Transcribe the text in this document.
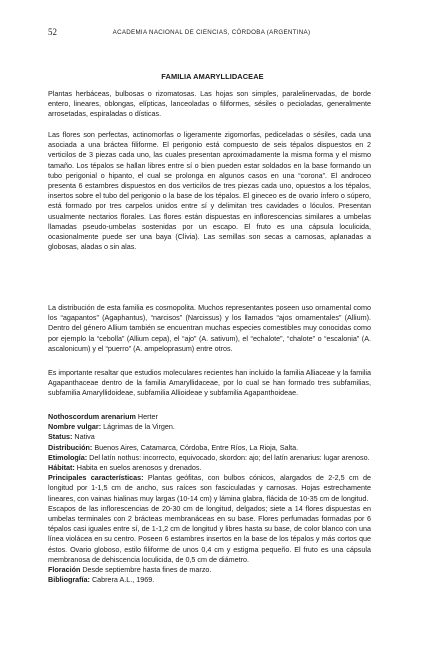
52	ACADEMIA NACIONAL DE CIENCIAS, CÓRDOBA (ARGENTINA)
FAMILIA AMARYLLIDACEAE

Plantas herbáceas, bulbosas o rizomatosas. Las hojas son simples, paralelinervadas, de borde entero, lineares, oblongas, elípticas, lanceoladas o filiformes, sésiles o pecioladas, generalmente arrosetadas, espiraladas o dísticas.

Las flores son perfectas, actinomorfas o ligeramente zigomorfas, pediceladas o sésiles, cada una asociada a una bráctea filiforme. El perigonio está compuesto de seis tépalos dispuestos en 2 verticilos de 3 piezas cada uno, las cuales presentan aproximadamente la misma forma y el mismo tamaño. Los tépalos se hallan libres entre sí o bien pueden estar soldados en la base formando un tubo perigonial o hipanto, el cual se prolonga en algunos casos en una “corona”. El androceo presenta 6 estambres dispuestos en dos verticilos de tres piezas cada uno, opuestos a los tépalos, insertos sobre el tubo del perigonio o la base de los tépalos. El gineceo es de ovario ínfero o súpero, está formado por tres carpelos unidos entre sí y delimitan tres cavidades o lóculos. Presentan usualmente nectarios florales. Las flores están dispuestas en inflorescencias similares a umbelas llamadas pseudo-umbelas sostenidas por un escapo. El fruto es una cápsula loculicida, ocasionalmente puede ser una baya (Clivia). Las semillas son secas a carnosas, aplanadas a globosas, aladas o sin alas.

La distribución de esta familia es cosmopolita. Muchos representantes poseen uso ornamental como los “agapantos” (Agaphantus), “narcisos” (Narcissus) y los llamados “ajos ornamentales” (Allium). Dentro del género Allium también se encuentran muchas especies comestibles muy conocidas como por ejemplo la “cebolla” (Allium cepa), el “ajo” (A. sativum), el “echalote”, “chalote” o “escalonia” (A. ascalonicum) y el “puerro” (A. ampeloprasum) entre otros.

Es importante resaltar que estudios moleculares recientes han incluido la familia Alliaceae y la familia Agapanthaceae dentro de la familia Amaryllidaceae, por lo cual se han formado tres subfamilias, subfamilia Amaryllidoideae, subfamilia Allioideae y subfamilia Agapanthoideae.

Nothoscordum arenarium Herter
Nombre vulgar: Lágrimas de la Virgen.
Status: Nativa
Distribución: Buenos Aires, Catamarca, Córdoba, Entre Ríos, La Rioja, Salta.
Etimología: Del latín nothus: incorrecto, equivocado, skordon: ajo; del latín arenarius: lugar arenoso.
Hábitat: Habita en suelos arenosos y drenados.
Principales características: Plantas geófitas, con bulbos cónicos, alargados de 2-2,5 cm de longitud por 1-1,5 cm de ancho, sus raíces son fasciculadas y carnosas. Hojas estrechamente lineares, con vainas hialinas muy largas (10-14 cm) y lámina glabra, flácida de 10-35 cm de longitud.
Escapos de las inflorescencias de 20-30 cm de longitud, delgados; siete a 14 flores dispuestas en umbelas terminales con 2 brácteas membranáceas en su base. Flores perfumadas formadas por 6 tépalos casi iguales entre sí, de 1-1,2 cm de longitud y libres hasta su base, de color blanco con una línea violácea en su centro. Poseen 6 estambres insertos en la base de los tépalos y más cortos que éstos. Ovario globoso, estilo filiforme de unos 0,4 cm y estigma pequeño. El fruto es una cápsula membranosa de dehiscencia loculicida, de 0,5 cm de diámetro.
Floración Desde septiembre hasta fines de marzo.
Bibliografía: Cabrera A.L., 1969.
